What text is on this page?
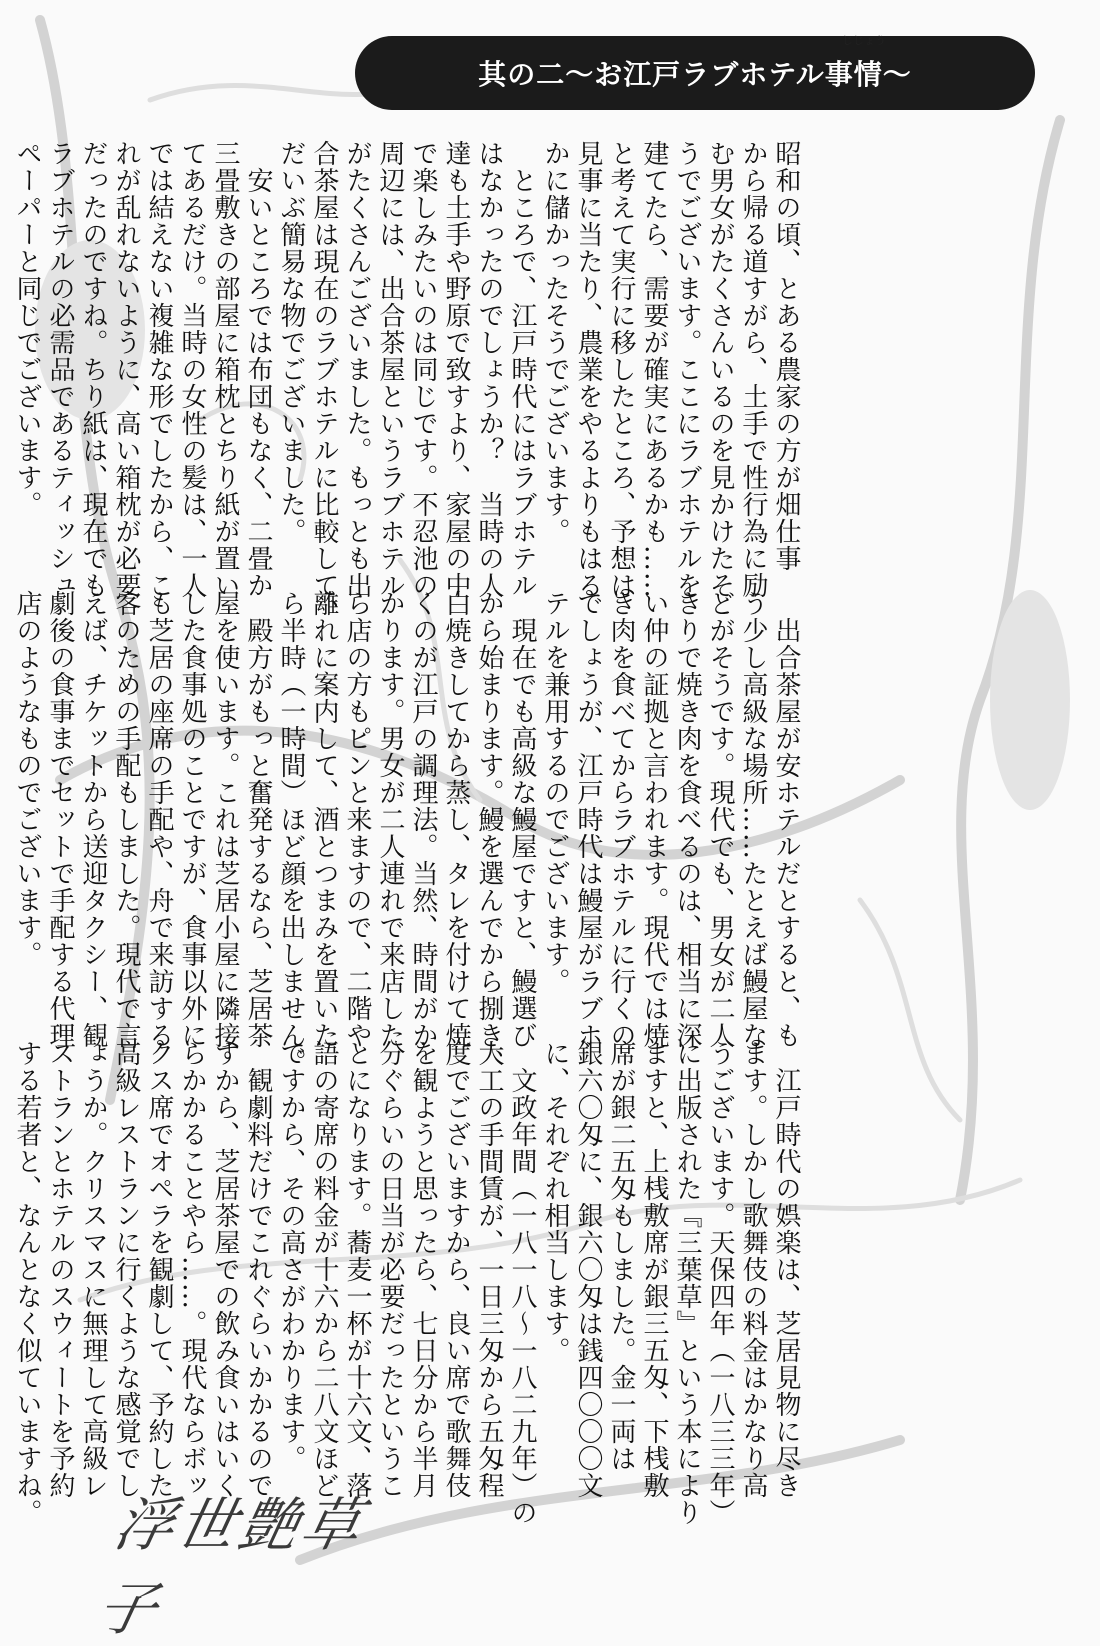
其の二〜お江戸ラブホテル事情〜
じじょう
昭和の頃、とある農家の方が畑仕事
から帰る道すがら、土手で性行為に励
む男女がたくさんいるのを見かけたそ
うでございます。ここにラブホテルを
建てたら、需要が確実にあるかも……
と考えて実行に移したところ、予想は
見事に当たり、農業をやるよりもはる
かに儲かったそうでございます。
　ところで、江戸時代にはラブホテル
はなかったのでしょうか？　当時の人
達も土手や野原で致すより、家屋の中
で楽しみたいのは同じです。不忍池の
周辺には、出合茶屋というラブホテル
がたくさんございました。もっとも出
合茶屋は現在のラブホテルに比較して、
だいぶ簡易な物でございました。
　安いところでは布団もなく、二畳か
三畳敷きの部屋に箱枕とちり紙が置い
てあるだけ。当時の女性の髪は、一人
では結えない複雑な形でしたから、こ
れが乱れないように、高い箱枕が必要
だったのですね。ちり紙は、現在でも
ラブホテルの必需品であるティッシュ
ペーパーと同じでございます。
　出合茶屋が安ホテルだとすると、も
う少し高級な場所……たとえば鰻屋な
どがそうです。現代でも、男女が二人
きりで焼き肉を食べるのは、相当に深
い仲の証拠と言われます。現代では焼
き肉を食べてからラブホテルに行くの
でしょうが、江戸時代は鰻屋がラブホ
テルを兼用するのでございます。
　現在でも高級な鰻屋ですと、鰻選び
から始まります。鰻を選んでから捌き、
白焼きしてから蒸し、タレを付けて焼
くのが江戸の調理法。当然、時間がか
かります。男女が二人連れで来店した
ら店の方もピンと来ますので、二階や
離れに案内して、酒とつまみを置いた
ら半時（一時間）ほど顔を出しません。
　殿方がもっと奮発するなら、芝居茶
屋を使います。これは芝居小屋に隣接
した食事処のことですが、食事以外に
も芝居の座席の手配や、舟で来訪する
客のための手配もしました。現代で言
えば、チケットから送迎タクシー、観
劇後の食事までセットで手配する代理
店のようなものでございます。
　江戸時代の娯楽は、芝居見物に尽き
ます。しかし歌舞伎の料金はかなり高
うございます。天保四年（一八三三年）
に出版された『三葉草』という本により
ますと、上桟敷席が銀三五匁、下桟敷
席が銀二五匁もしました。金一両は
銀六〇匁に、銀六〇匁は銭四〇〇〇文
に、それぞれ相当します。
　文政年間（一八一八〜一八二九年）の
大工の手間賃が、一日三匁から五匁程
度でございますから、良い席で歌舞伎
を観ようと思ったら、七日分から半月
分ぐらいの日当が必要だったというこ
とになります。蕎麦一杯が十六文、落
語の寄席の料金が十六から二八文ほど
ですから、その高さがわかります。
　観劇料だけでこれぐらいかかるので
すから、芝居茶屋での飲み食いはいく
らかかることやら……。現代ならボッ
クス席でオペラを観劇して、予約した
高級レストランに行くような感覚でし
ょうか。クリスマスに無理して高級レ
ストランとホテルのスウィートを予約
する若者と、なんとなく似ていますね。	浮世艶草子
